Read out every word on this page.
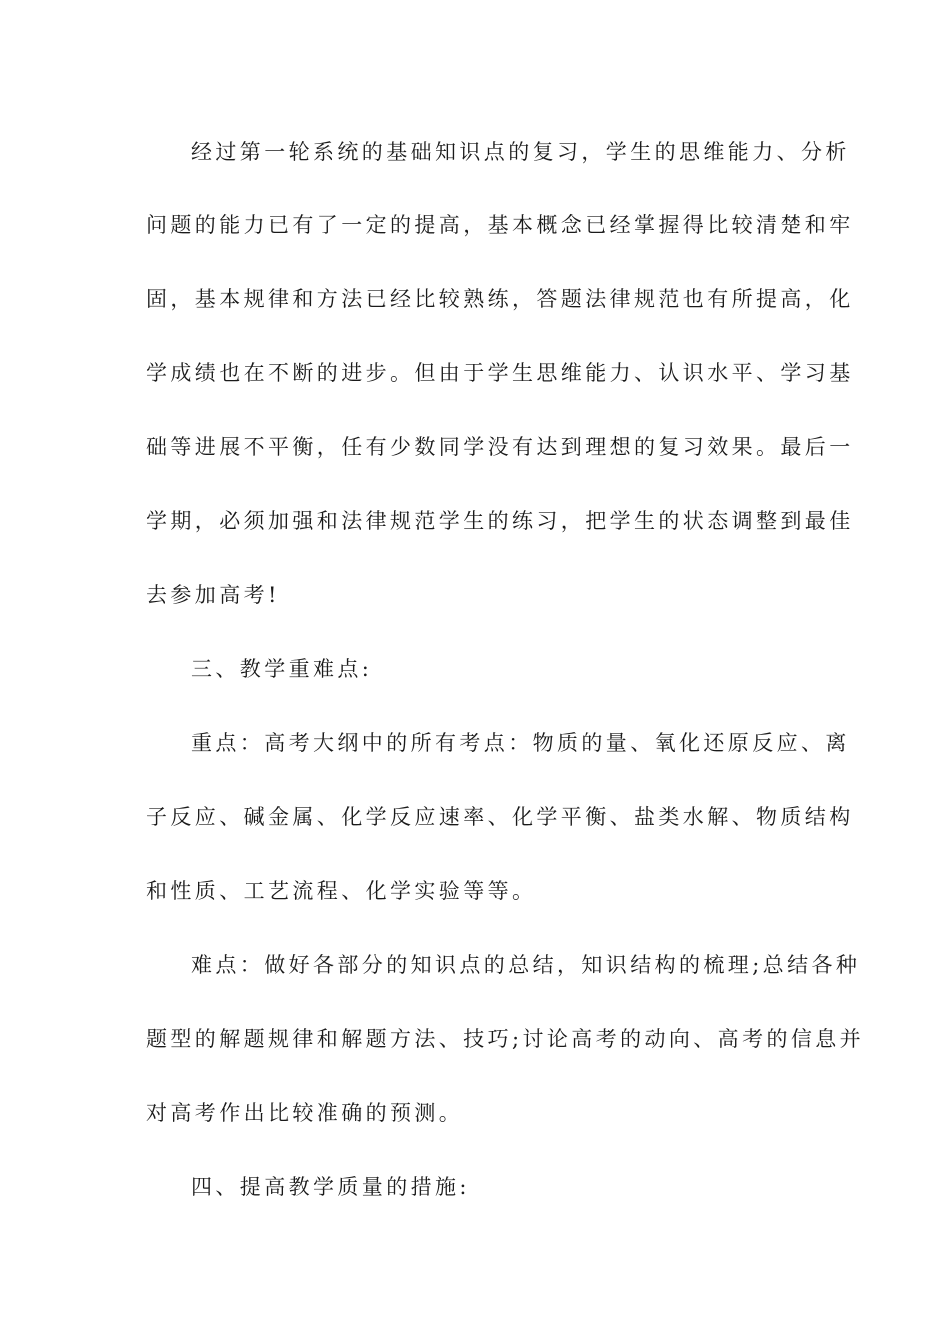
经过第一轮系统的基础知识点的复习，学生的思维能力、分析
问题的能力已有了一定的提高，基本概念已经掌握得比较清楚和牢
固，基本规律和方法已经比较熟练，答题法律规范也有所提高，化
学成绩也在不断的进步。但由于学生思维能力、认识水平、学习基
础等进展不平衡，任有少数同学没有达到理想的复习效果。最后一
学期，必须加强和法律规范学生的练习，把学生的状态调整到最佳
去参加高考!
三、教学重难点:
重点：高考大纲中的所有考点：物质的量、氧化还原反应、离
子反应、碱金属、化学反应速率、化学平衡、盐类水解、物质结构
和性质、工艺流程、化学实验等等。
难点：做好各部分的知识点的总结，知识结构的梳理;总结各种
题型的解题规律和解题方法、技巧;讨论高考的动向、高考的信息并
对高考作出比较准确的预测。
四、提高教学质量的措施:
